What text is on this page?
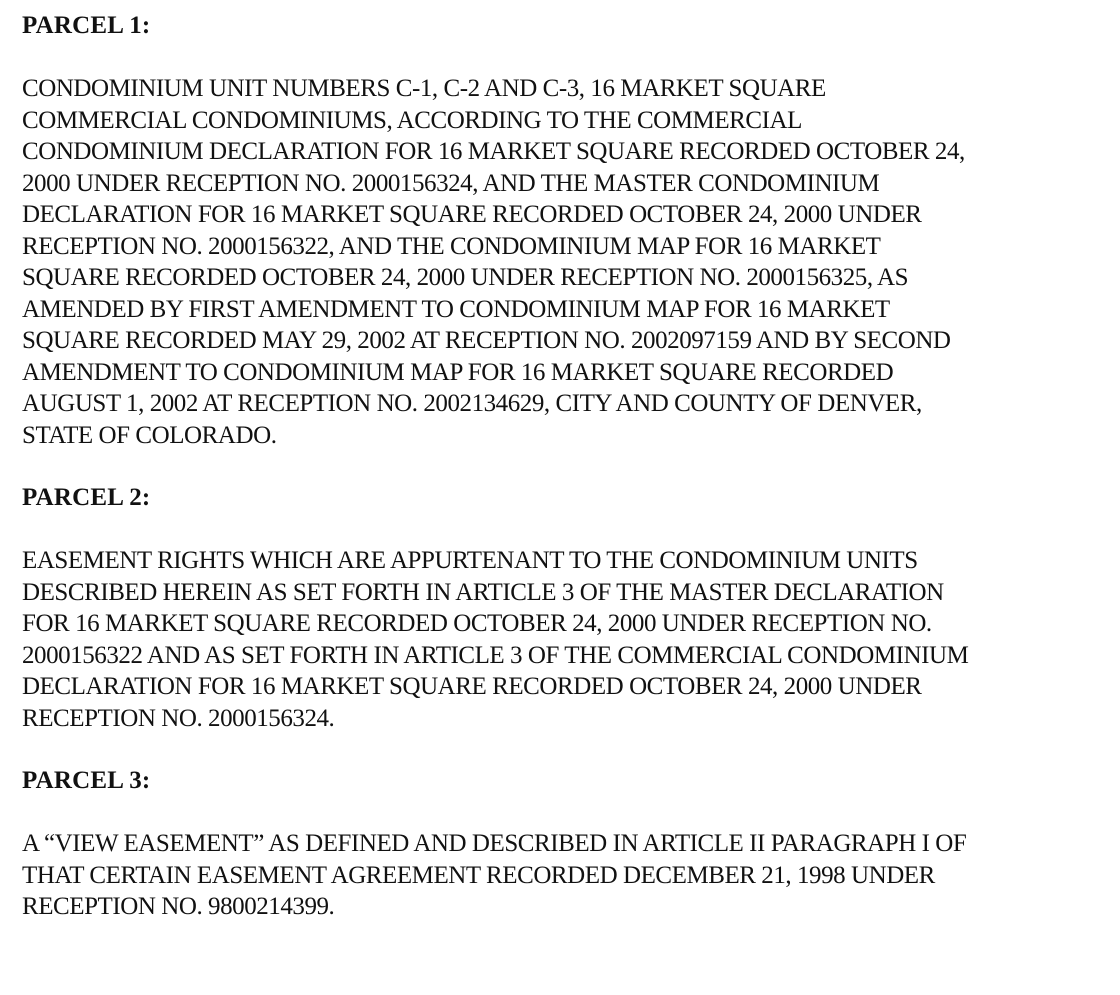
PARCEL 1:

CONDOMINIUM UNIT NUMBERS C-1, C-2 AND C-3, 16 MARKET SQUARE

COMMERCIAL CONDOMINIUMS, ACCORDING TO THE COMMERCIAL

CONDOMINIUM DECLARATION FOR 16 MARKET SQUARE RECORDED OCTOBER 24,

2000 UNDER RECEPTION NO. 2000156324, AND THE MASTER CONDOMINIUM

DECLARATION FOR 16 MARKET SQUARE RECORDED OCTOBER 24, 2000 UNDER

RECEPTION NO. 2000156322, AND THE CONDOMINIUM MAP FOR 16 MARKET

SQUARE RECORDED OCTOBER 24, 2000 UNDER RECEPTION NO. 2000156325, AS

AMENDED BY FIRST AMENDMENT TO CONDOMINIUM MAP FOR 16 MARKET

SQUARE RECORDED MAY 29, 2002 AT RECEPTION NO. 2002097159 AND BY SECOND

AMENDMENT TO CONDOMINIUM MAP FOR 16 MARKET SQUARE RECORDED

AUGUST 1, 2002 AT RECEPTION NO. 2002134629, CITY AND COUNTY OF DENVER,

STATE OF COLORADO.

PARCEL 2:

EASEMENT RIGHTS WHICH ARE APPURTENANT TO THE CONDOMINIUM UNITS

DESCRIBED HEREIN AS SET FORTH IN ARTICLE 3 OF THE MASTER DECLARATION

FOR 16 MARKET SQUARE RECORDED OCTOBER 24, 2000 UNDER RECEPTION NO.

2000156322 AND AS SET FORTH IN ARTICLE 3 OF THE COMMERCIAL CONDOMINIUM

DECLARATION FOR 16 MARKET SQUARE RECORDED OCTOBER 24, 2000 UNDER

RECEPTION NO. 2000156324.

PARCEL 3:

A “VIEW EASEMENT” AS DEFINED AND DESCRIBED IN ARTICLE II PARAGRAPH I OF

THAT CERTAIN EASEMENT AGREEMENT RECORDED DECEMBER 21, 1998 UNDER

RECEPTION NO. 9800214399.
